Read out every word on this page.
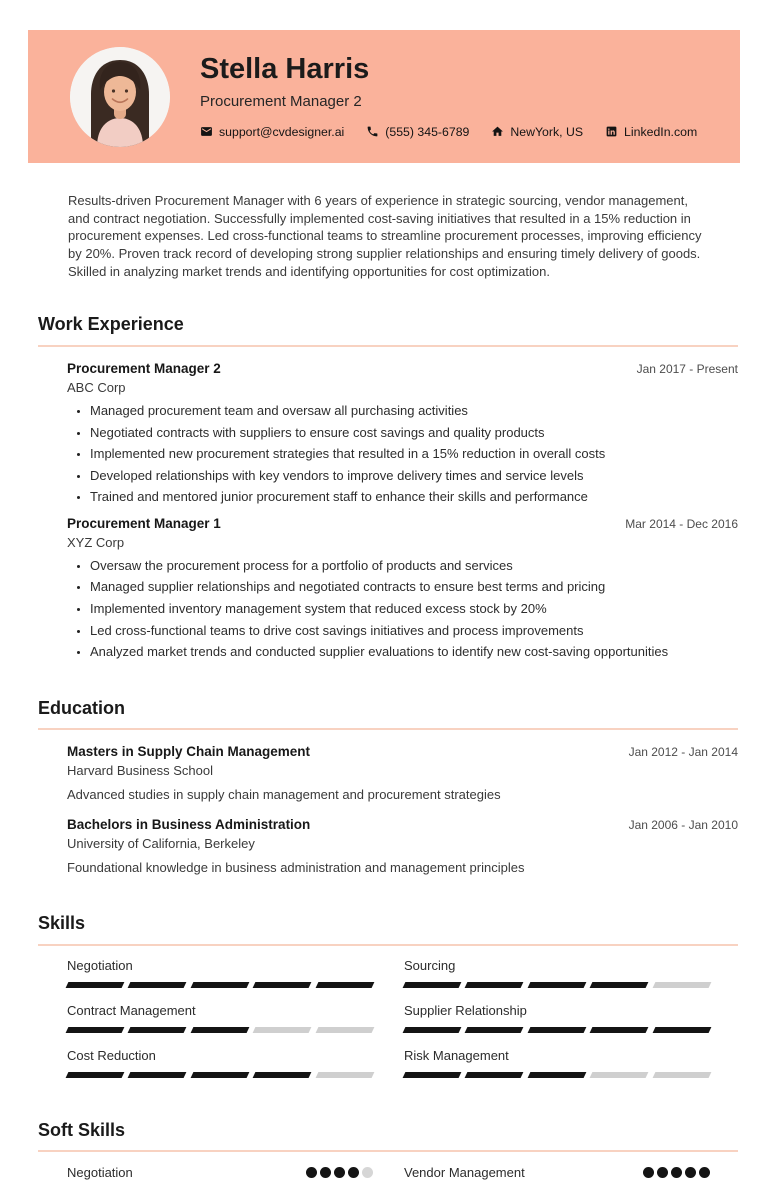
Stella Harris
Procurement Manager 2
support@cvdesigner.ai	(555) 345-6789	NewYork, US	LinkedIn.com

Results-driven Procurement Manager with 6 years of experience in strategic sourcing, vendor management, and contract negotiation. Successfully implemented cost-saving initiatives that resulted in a 15% reduction in procurement expenses. Led cross-functional teams to streamline procurement processes, improving efficiency by 20%. Proven track record of developing strong supplier relationships and ensuring timely delivery of goods. Skilled in analyzing market trends and identifying opportunities for cost optimization.

Work Experience
Procurement Manager 2
ABC Corp
Jan 2017 - Present
• Managed procurement team and oversaw all purchasing activities
• Negotiated contracts with suppliers to ensure cost savings and quality products
• Implemented new procurement strategies that resulted in a 15% reduction in overall costs
• Developed relationships with key vendors to improve delivery times and service levels
• Trained and mentored junior procurement staff to enhance their skills and performance
Procurement Manager 1
XYZ Corp
Mar 2014 - Dec 2016
• Oversaw the procurement process for a portfolio of products and services
• Managed supplier relationships and negotiated contracts to ensure best terms and pricing
• Implemented inventory management system that reduced excess stock by 20%
• Led cross-functional teams to drive cost savings initiatives and process improvements
• Analyzed market trends and conducted supplier evaluations to identify new cost-saving opportunities
Education
Masters in Supply Chain Management
Harvard Business School
Jan 2012 - Jan 2014
Advanced studies in supply chain management and procurement strategies
Bachelors in Business Administration
University of California, Berkeley
Jan 2006 - Jan 2010
Foundational knowledge in business administration and management principles
Skills
Negotiation	Sourcing
Contract Management	Supplier Relationship
Cost Reduction	Risk Management
Soft Skills
Negotiation	Vendor Management
